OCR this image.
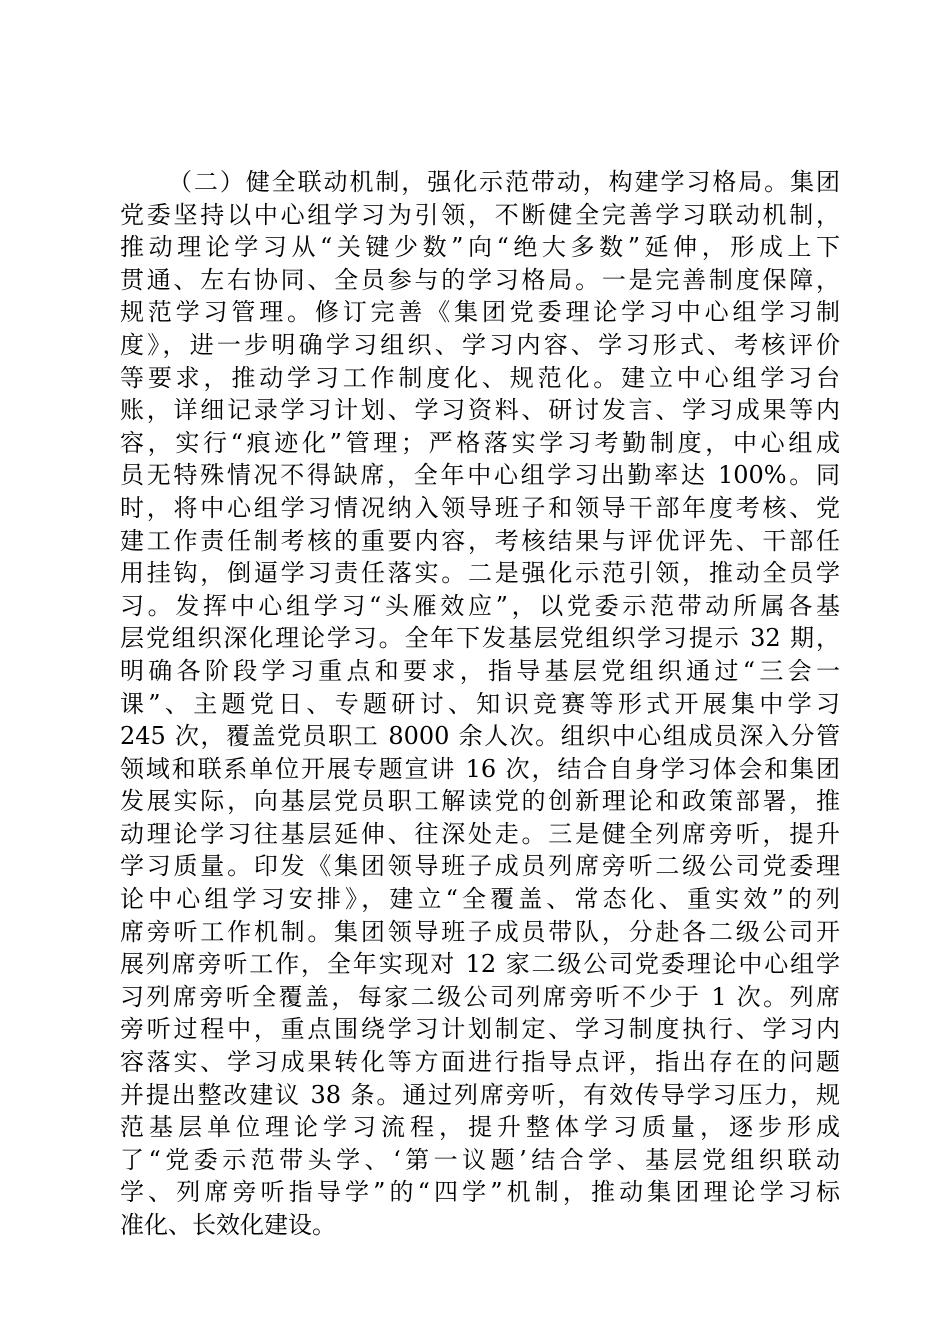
（二）健全联动机制，强化示范带动，构建学习格局。集团
党委坚持以中心组学习为引领，不断健全完善学习联动机制，
推动理论学习从“关键少数”向“绝大多数”延伸，形成上下
贯通、左右协同、全员参与的学习格局。一是完善制度保障，
规范学习管理。修订完善《集团党委理论学习中心组学习制
度》，进一步明确学习组织、学习内容、学习形式、考核评价
等要求，推动学习工作制度化、规范化。建立中心组学习台
账，详细记录学习计划、学习资料、研讨发言、学习成果等内
容，实行“痕迹化”管理；严格落实学习考勤制度，中心组成
员无特殊情况不得缺席，全年中心组学习出勤率达 100%。同
时，将中心组学习情况纳入领导班子和领导干部年度考核、党
建工作责任制考核的重要内容，考核结果与评优评先、干部任
用挂钩，倒逼学习责任落实。二是强化示范引领，推动全员学
习。发挥中心组学习“头雁效应”，以党委示范带动所属各基
层党组织深化理论学习。全年下发基层党组织学习提示 32 期，
明确各阶段学习重点和要求，指导基层党组织通过“三会一
课”、主题党日、专题研讨、知识竞赛等形式开展集中学习
245 次，覆盖党员职工 8000 余人次。组织中心组成员深入分管
领域和联系单位开展专题宣讲 16 次，结合自身学习体会和集团
发展实际，向基层党员职工解读党的创新理论和政策部署，推
动理论学习往基层延伸、往深处走。三是健全列席旁听，提升
学习质量。印发《集团领导班子成员列席旁听二级公司党委理
论中心组学习安排》，建立“全覆盖、常态化、重实效”的列
席旁听工作机制。集团领导班子成员带队，分赴各二级公司开
展列席旁听工作，全年实现对 12 家二级公司党委理论中心组学
习列席旁听全覆盖，每家二级公司列席旁听不少于 1 次。列席
旁听过程中，重点围绕学习计划制定、学习制度执行、学习内
容落实、学习成果转化等方面进行指导点评，指出存在的问题
并提出整改建议 38 条。通过列席旁听，有效传导学习压力，规
范基层单位理论学习流程，提升整体学习质量，逐步形成
了“党委示范带头学、‘第一议题’结合学、基层党组织联动
学、列席旁听指导学”的“四学”机制，推动集团理论学习标
准化、长效化建设。
